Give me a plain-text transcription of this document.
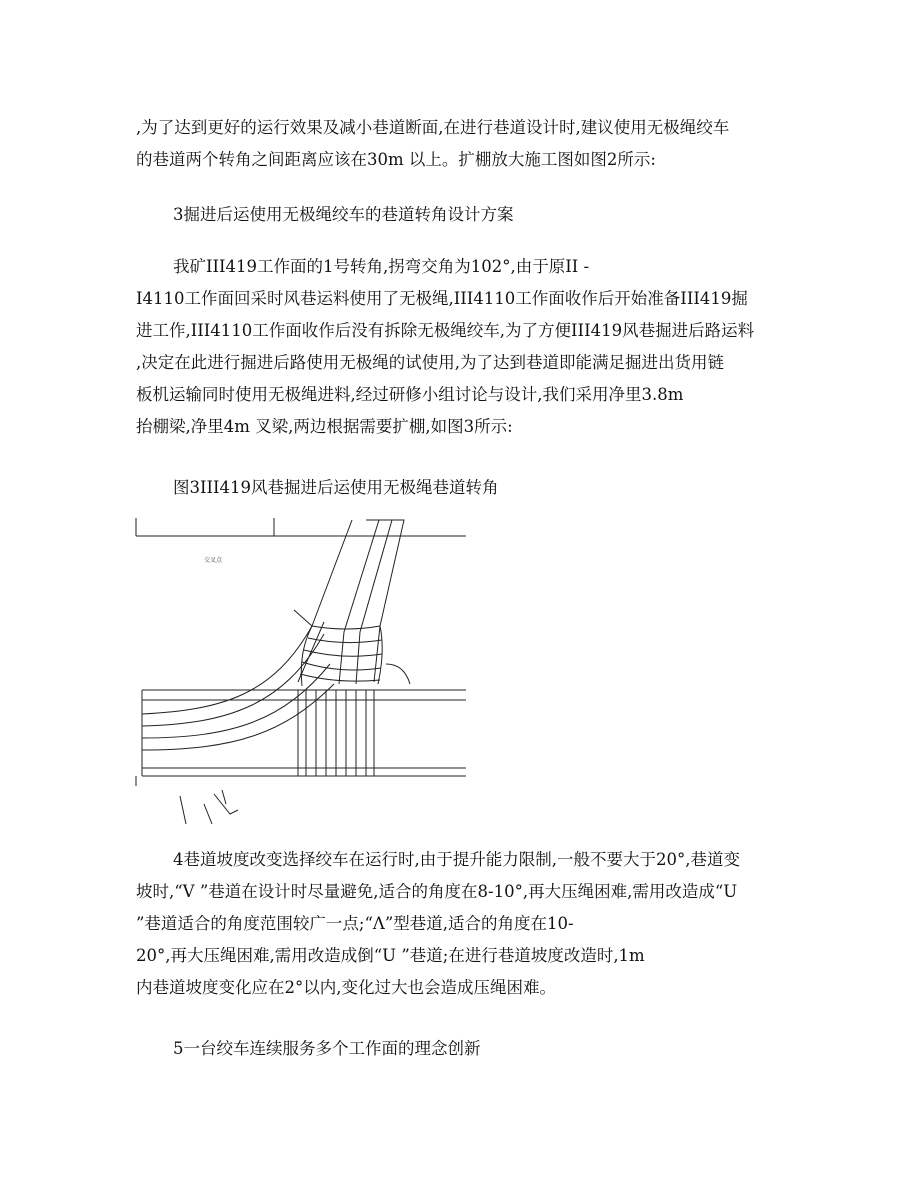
,为了达到更好的运行效果及减小巷道断面,在进行巷道设计时,建议使用无极绳绞车
的巷道两个转角之间距离应该在30m 以上。扩棚放大施工图如图2所示:
3掘进后运使用无极绳绞车的巷道转角设计方案
我矿III419工作面的1号转角,拐弯交角为102°,由于原II -
I4110工作面回采时风巷运料使用了无极绳,III4110工作面收作后开始准备III419掘
进工作,III4110工作面收作后没有拆除无极绳绞车,为了方便III419风巷掘进后路运料
,决定在此进行掘进后路使用无极绳的试使用,为了达到巷道即能满足掘进出货用链
板机运输同时使用无极绳进料,经过研修小组讨论与设计,我们采用净里3.8m
抬棚梁,净里4m 叉梁,两边根据需要扩棚,如图3所示:
图3III419风巷掘进后运使用无极绳巷道转角
交叉点
4巷道坡度改变选择绞车在运行时,由于提升能力限制,一般不要大于20°,巷道变
坡时,“V ”巷道在设计时尽量避免,适合的角度在8-10°,再大压绳困难,需用改造成“U
”巷道适合的角度范围较广一点;“Λ”型巷道,适合的角度在10-
20°,再大压绳困难,需用改造成倒“U ”巷道;在进行巷道坡度改造时,1m
内巷道坡度变化应在2°以内,变化过大也会造成压绳困难。
5一台绞车连续服务多个工作面的理念创新
